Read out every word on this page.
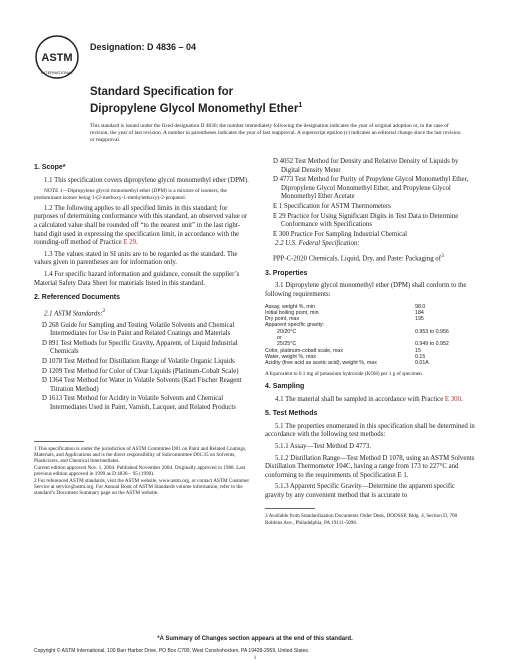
ASTM
INTERNATIONAL
Designation: D 4836 – 04
Standard Specification for
Dipropylene Glycol Monomethyl Ether$^1$
This standard is issued under the fixed designation D 4836; the number immediately following the designation indicates the year of original adoption or, in the case of revision, the year of last revision. A number in parentheses indicates the year of last reapproval. A superscript epsilon (ε) indicates an editorial change since the last revision or reapproval.
1. Scope*
1.1 This specification covers dipropylene glycol monomethyl ether (DPM).
NOTE 1—Dipropylene glycol monomethyl ether (DPM) is a mixture of isomers, the predominant isomer being 1-(2-methoxy-1-methylethoxy)-2-propanol.
1.2 The following applies to all specified limits in this standard; for purposes of determining conformance with this standard, an observed value or a calculated value shall be rounded off “to the nearest unit” in the last right-hand digit used in expressing the specification limit, in accordance with the rounding-off method of Practice E 29.
1.3 The values stated in SI units are to be regarded as the standard. The values given in parentheses are for information only.
1.4 For specific hazard information and guidance, consult the supplier’s Material Safety Data Sheet for materials listed in this standard.
2. Referenced Documents
2.1 ASTM Standards:$^2$
D 268 Guide for Sampling and Testing Volatile Solvents and Chemical Intermediates for Use in Paint and Related Coatings and Materials
D 891 Test Methods for Specific Gravity, Apparent, of Liquid Industrial Chemicals
D 1078 Test Method for Distillation Range of Volatile Organic Liquids
D 1209 Test Method for Color of Clear Liquids (Platinum-Cobalt Scale)
D 1364 Test Method for Water in Volatile Solvents (Karl Fischer Reagent Titration Method)
D 1613 Test Method for Acidity in Volatile Solvents and Chemical Intermediates Used in Paint, Varnish, Lacquer, and Related Products
1 This specification is under the jurisdiction of ASTM Committee D01 on Paint and Related Coatings, Materials, and Applications and is the direct responsibility of Subcommittee D01.35 on Solvents, Plasticizers, and Chemical Intermediates.
Current edition approved Nov. 1, 2004. Published November 2004. Originally approved in 1988. Last previous edition approved in 1999 as D 4836 – 95 (1999).
2 For referenced ASTM standards, visit the ASTM website, www.astm.org, or contact ASTM Customer Service at service@astm.org. For Annual Book of ASTM Standards volume information, refer to the standard’s Document Summary page on the ASTM website.
D 4052 Test Method for Density and Relative Density of Liquids by Digital Density Meter
D 4773 Test Method for Purity of Propylene Glycol Monomethyl Ether, Dipropylene Glycol Monomethyl Ether, and Propylene Glycol Monomethyl Ether Acetate
E 1 Specification for ASTM Thermometers
E 29 Practice for Using Significant Digits in Test Data to Determine Conformance with Specifications
E 300 Practice For Sampling Industrial Chemical
2.2 U.S. Federal Specification:
PPP-C-2020 Chemicals, Liquid, Dry, and Paste: Packaging $of^3$
3. Properties
3.1 Dipropylene glycol monomethyl ether (DPM) shall conform to the following requirements:
Assay, weight %, min	98.0
Initial boiling point, min	184
Dry point, max	195
Apparent specific gravity:
20/20°C	0.953 to 0.956
or
25/25°C	0.949 to 0.952
Color, platinum-cobalt scale, max	15
Water, weight %, max	0.15
Acidity (free acid as acetic acid), weight %, max	0.01A
A Equivalent to 0.1 mg of potassium hydroxide (KOH) per 1 g of specimen.
4. Sampling
4.1 The material shall be sampled in accordance with Practice E 300.
5. Test Methods
5.1 The properties enumerated in this specification shall be determined in accordance with the following test methods:
5.1.1 Assay—Test Method D 4773.
5.1.2 Distillation Range—Test Method D 1078, using an ASTM Solvents Distillation Thermometer 104C, having a range from 173 to 227°C and conforming to the requirements of Specification E 1.
5.1.3 Apparent Specific Gravity—Determine the apparent specific gravity by any convenient method that is accurate to
3 Available from Standardization Documents Order Desk, DODSSP, Bldg. 4, Section D, 700 Robbins Ave., Philadelphia, PA 19111-5098.
*A Summary of Changes section appears at the end of this standard.
Copyright © ASTM International, 100 Barr Harbor Drive, PO Box C700, West Conshohocken, PA 19428-2959, United States.
1
